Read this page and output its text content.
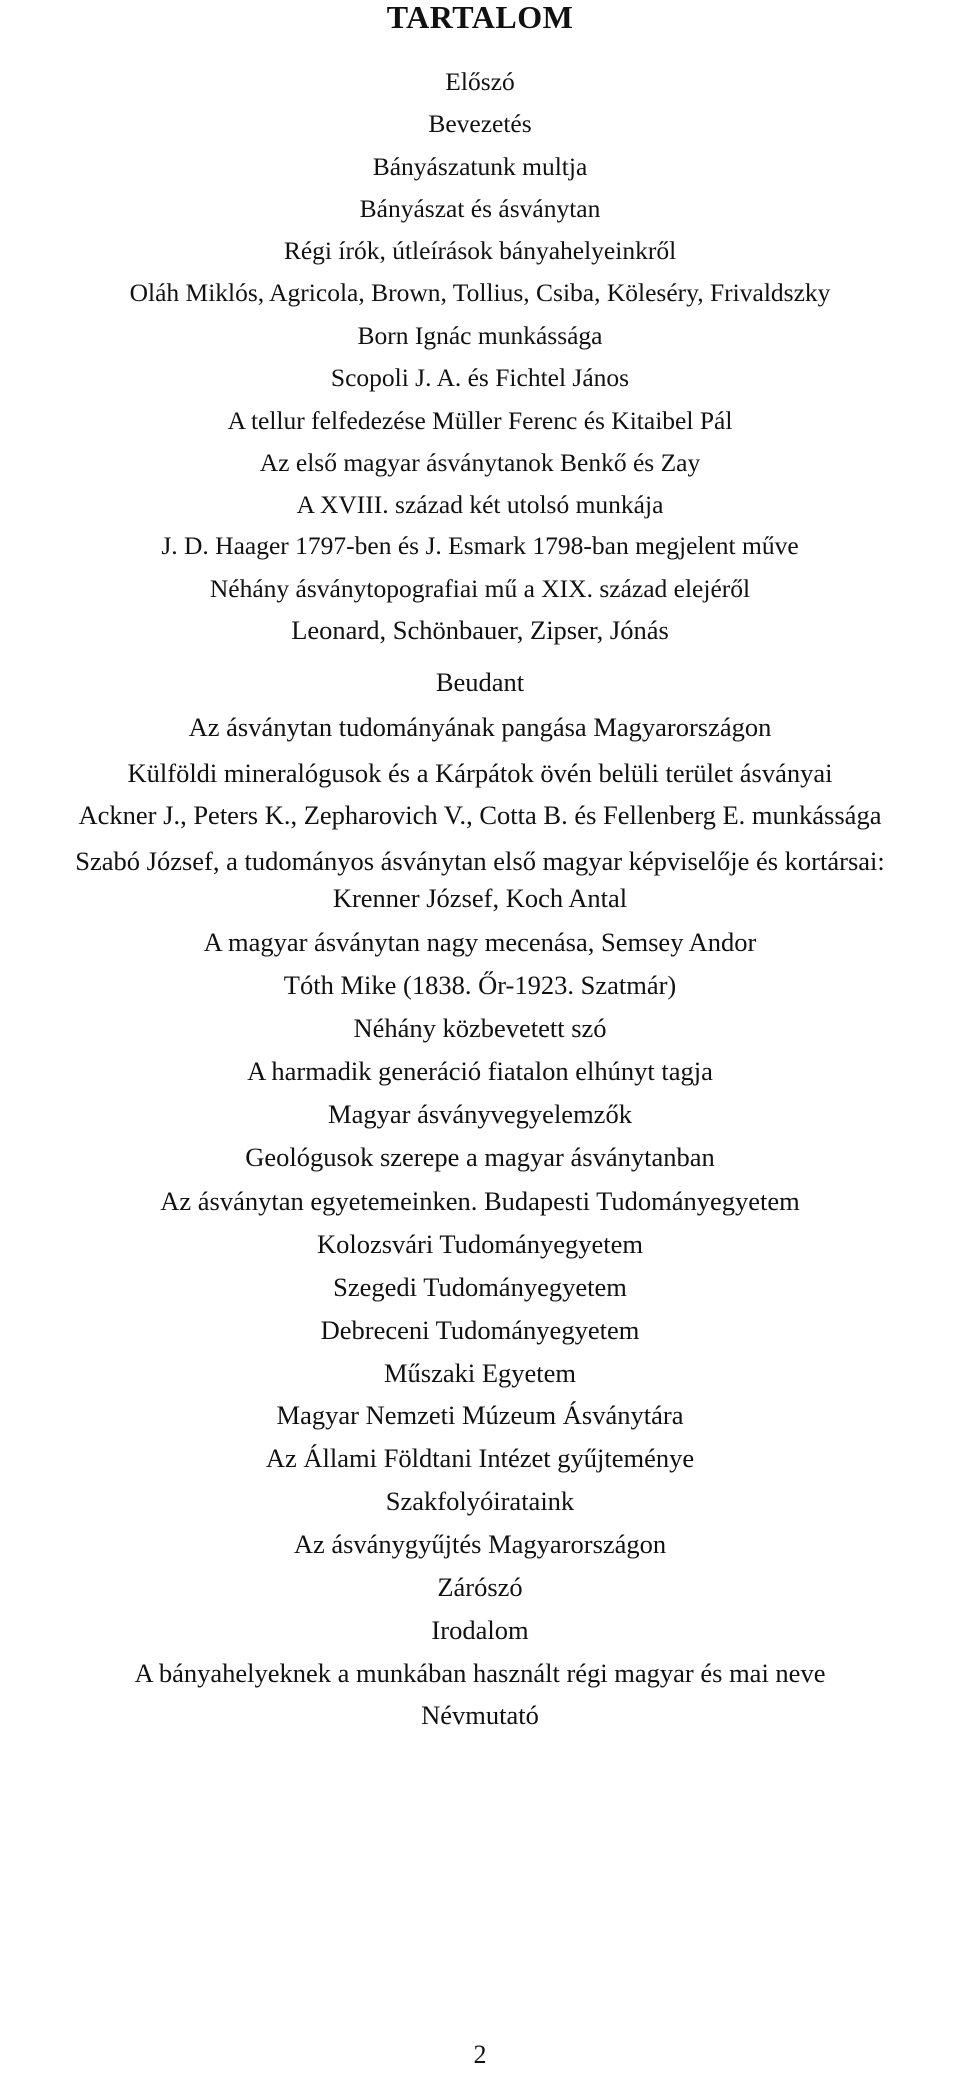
TARTALOM
Előszó
Bevezetés
Bányászatunk multja
Bányászat és ásványtan
Régi írók, útleírások bányahelyeinkről
Oláh Miklós, Agricola, Brown, Tollius, Csiba, Köleséry, Frivaldszky
Born Ignác munkássága
Scopoli J. A. és Fichtel János
A tellur felfedezése Müller Ferenc és Kitaibel Pál
Az első magyar ásványtanok Benkő és Zay
A XVIII. század két utolsó munkája
J. D. Haager 1797-ben és J. Esmark 1798-ban megjelent műve
Néhány ásványtopografiai mű a XIX. század elejéről
Leonard, Schönbauer, Zipser, Jónás
Beudant
Az ásványtan tudományának pangása Magyarországon
Külföldi mineralógusok és a Kárpátok övén belüli terület ásványai
Ackner J., Peters K., Zepharovich V., Cotta B. és Fellenberg E. munkássága
Szabó József, a tudományos ásványtan első magyar képviselője és kortársai:
Krenner József, Koch Antal
A magyar ásványtan nagy mecenása, Semsey Andor
Tóth Mike (1838. Őr-1923. Szatmár)
Néhány közbevetett szó
A harmadik generáció fiatalon elhúnyt tagja
Magyar ásványvegyelemzők
Geológusok szerepe a magyar ásványtanban
Az ásványtan egyetemeinken. Budapesti Tudományegyetem
Kolozsvári Tudományegyetem
Szegedi Tudományegyetem
Debreceni Tudományegyetem
Műszaki Egyetem
Magyar Nemzeti Múzeum Ásványtára
Az Állami Földtani Intézet gyűjteménye
Szakfolyóirataink
Az ásványgyűjtés Magyarországon
Zárószó
Irodalom
A bányahelyeknek a munkában használt régi magyar és mai neve
Névmutató
2
